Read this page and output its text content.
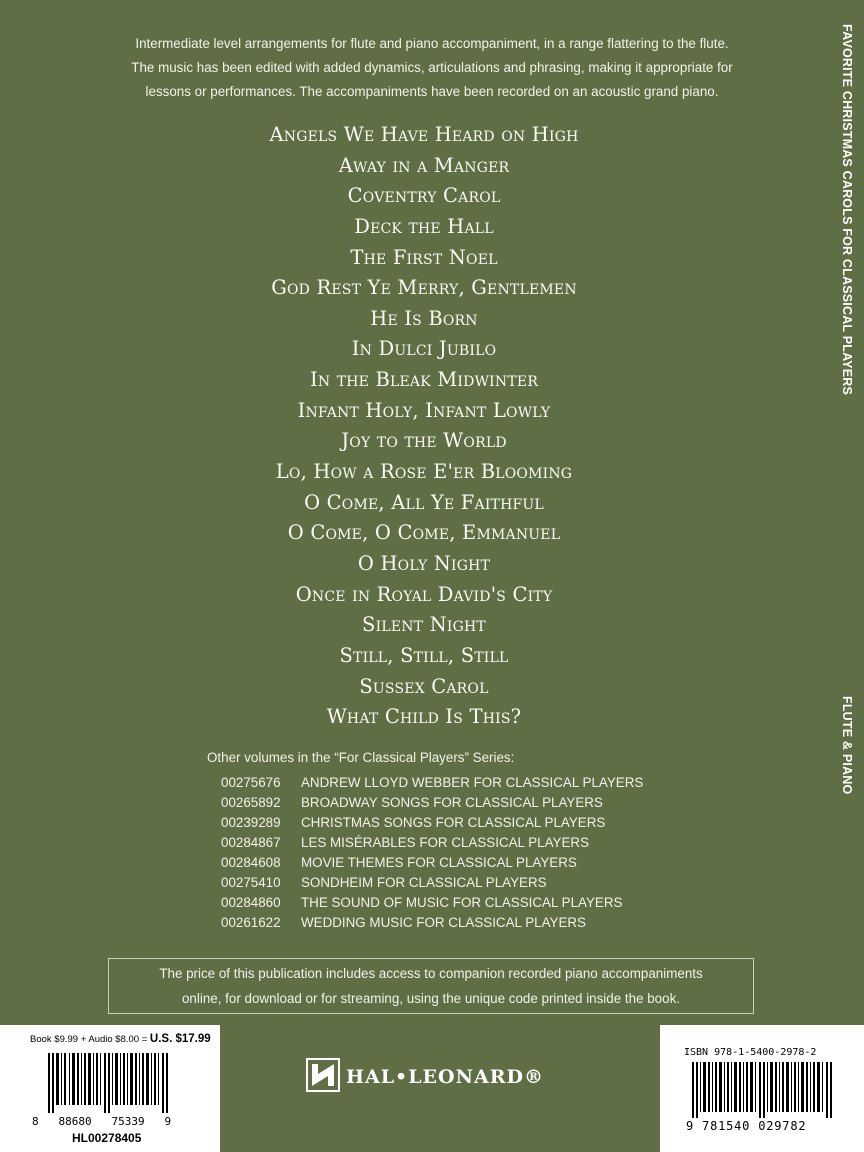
Intermediate level arrangements for flute and piano accompaniment, in a range flattering to the flute.
The music has been edited with added dynamics, articulations and phrasing, making it appropriate for
lessons or performances. The accompaniments have been recorded on an acoustic grand piano.
Angels We Have Heard on High
Away in a Manger
Coventry Carol
Deck the Hall
The First Noel
God Rest Ye Merry, Gentlemen
He Is Born
In Dulci Jubilo
In the Bleak Midwinter
Infant Holy, Infant Lowly
Joy to the World
Lo, How a Rose E'er Blooming
O Come, All Ye Faithful
O Come, O Come, Emmanuel
O Holy Night
Once in Royal David's City
Silent Night
Still, Still, Still
Sussex Carol
What Child Is This?
FAVORITE CHRISTMAS CAROLS FOR CLASSICAL PLAYERS
FLUTE & PIANO
Other volumes in the “For Classical Players” Series:
00275676 ANDREW LLOYD WEBBER FOR CLASSICAL PLAYERS
00265892 BROADWAY SONGS FOR CLASSICAL PLAYERS
00239289 CHRISTMAS SONGS FOR CLASSICAL PLAYERS
00284867 LES MISÉRABLES FOR CLASSICAL PLAYERS
00284608 MOVIE THEMES FOR CLASSICAL PLAYERS
00275410 SONDHEIM FOR CLASSICAL PLAYERS
00284860 THE SOUND OF MUSIC FOR CLASSICAL PLAYERS
00261622 WEDDING MUSIC FOR CLASSICAL PLAYERS
The price of this publication includes access to companion recorded piano accompaniments
online, for download or for streaming, using the unique code printed inside the book.
Book $9.99 + Audio $8.00 = U.S. $17.99
8 88680 75339 9
HL00278405
HAL•LEONARD®
ISBN 978-1-5400-2978-2
9 781540 029782
